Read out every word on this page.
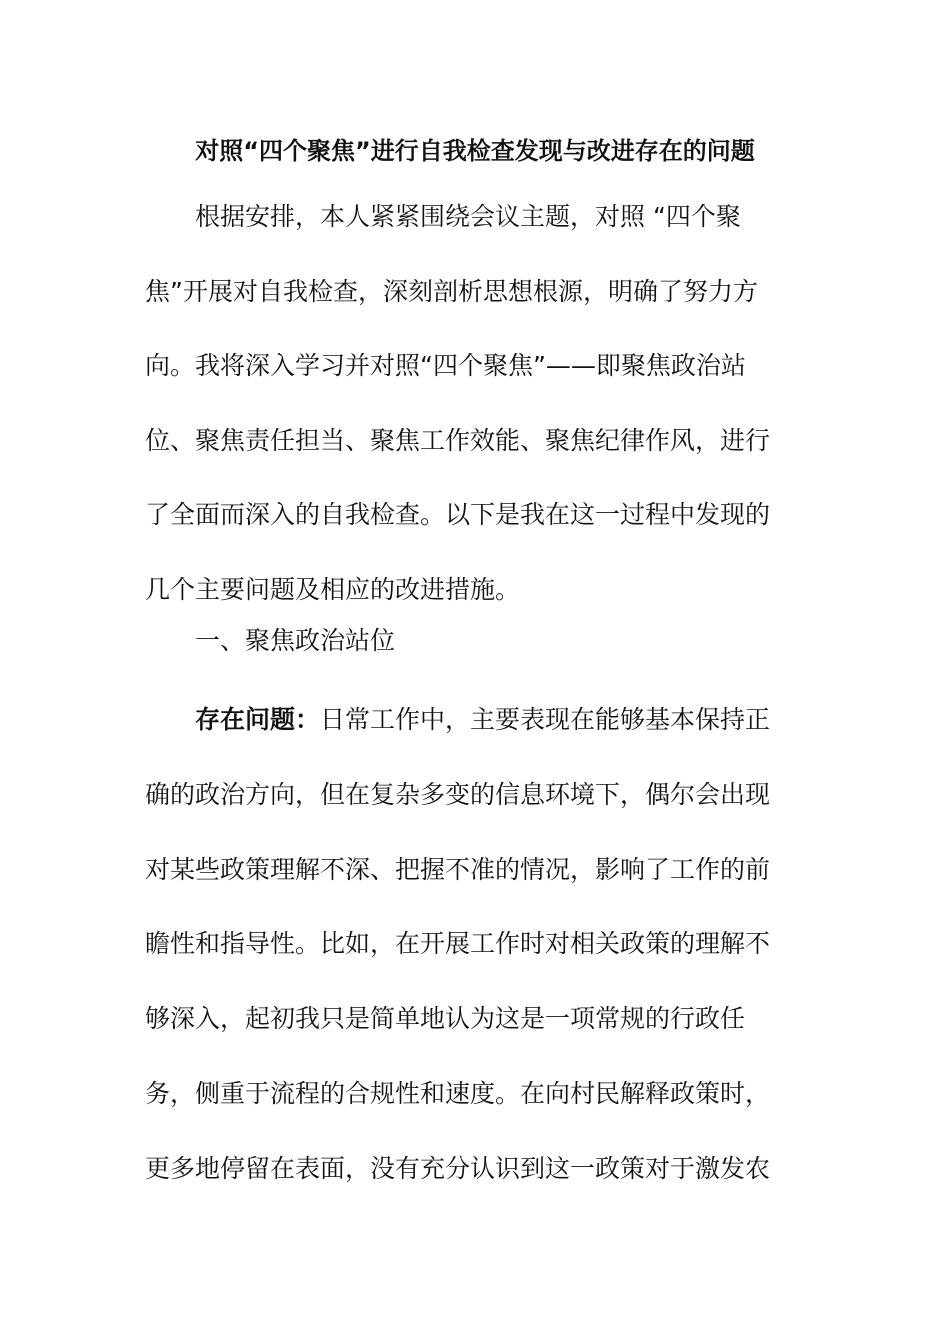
对照“四个聚焦”进行自我检查发现与改进存在的问题
根据安排，本人紧紧围绕会议主题，对照 “四个聚
焦”开展对自我检查，深刻剖析思想根源，明确了努力方
向。我将深入学习并对照“四个聚焦”——即聚焦政治站
位、聚焦责任担当、聚焦工作效能、聚焦纪律作风，进行
了全面而深入的自我检查。以下是我在这一过程中发现的
几个主要问题及相应的改进措施。
一、聚焦政治站位
存在问题：日常工作中，主要表现在能够基本保持正
确的政治方向，但在复杂多变的信息环境下，偶尔会出现
对某些政策理解不深、把握不准的情况，影响了工作的前
瞻性和指导性。比如，在开展工作时对相关政策的理解不
够深入，起初我只是简单地认为这是一项常规的行政任
务，侧重于流程的合规性和速度。在向村民解释政策时，
更多地停留在表面，没有充分认识到这一政策对于激发农
